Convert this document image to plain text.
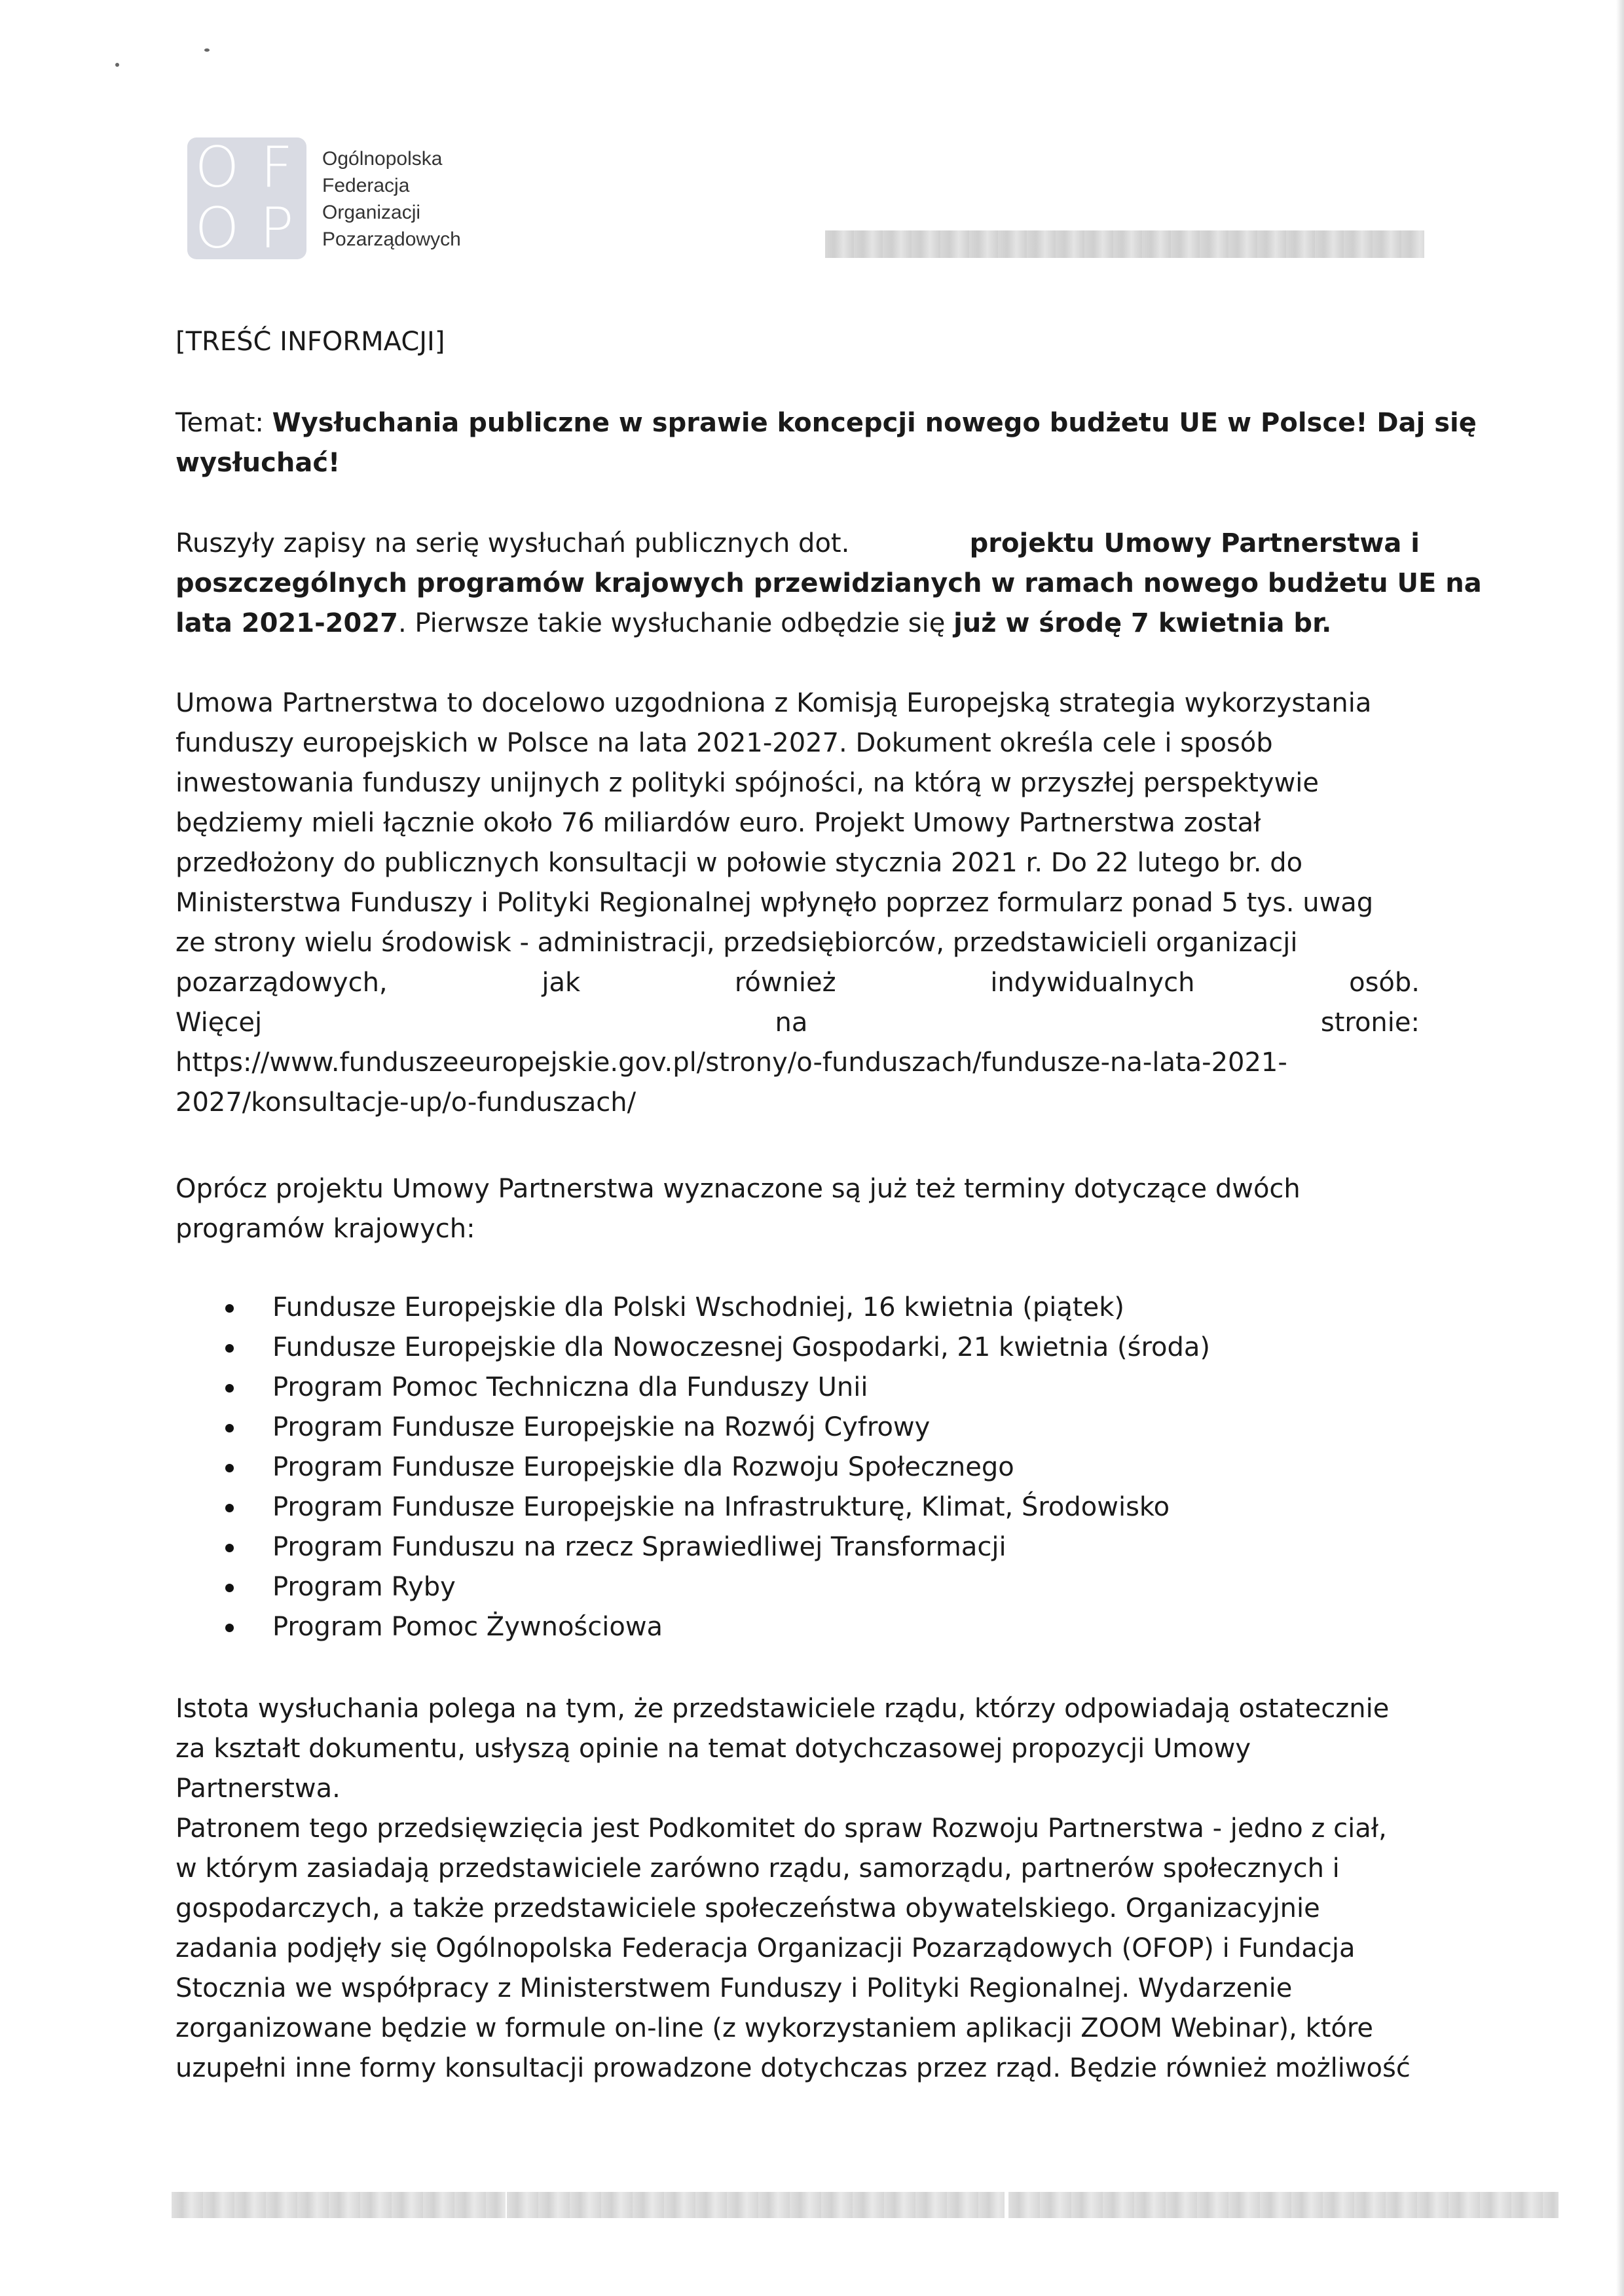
O F
O P
Ogólnopolska
Federacja
Organizacji
Pozarządowych
[TREŚĆ INFORMACJI]
Temat: Wysłuchania publiczne w sprawie koncepcji nowego budżetu UE w Polsce! Daj się
wysłuchać!
Ruszyły zapisy na serię wysłuchań publicznych dot.	projektu Umowy Partnerstwa i
poszczególnych programów krajowych przewidzianych w ramach nowego budżetu UE na
lata 2021-2027. Pierwsze takie wysłuchanie odbędzie się już w środę 7 kwietnia br.
Umowa Partnerstwa to docelowo uzgodniona z Komisją Europejską strategia wykorzystania
funduszy europejskich w Polsce na lata 2021-2027. Dokument określa cele i sposób
inwestowania funduszy unijnych z polityki spójności, na którą w przyszłej perspektywie
będziemy mieli łącznie około 76 miliardów euro. Projekt Umowy Partnerstwa został
przedłożony do publicznych konsultacji w połowie stycznia 2021 r. Do 22 lutego br. do
Ministerstwa Funduszy i Polityki Regionalnej wpłynęło poprzez formularz ponad 5 tys. uwag
ze strony wielu środowisk - administracji, przedsiębiorców, przedstawicieli organizacji
pozarządowych,	jak	również	indywidualnych	osób.
Więcej	na	stronie:
https://www.funduszeeuropejskie.gov.pl/strony/o-funduszach/fundusze-na-lata-2021-
2027/konsultacje-up/o-funduszach/
Oprócz projektu Umowy Partnerstwa wyznaczone są już też terminy dotyczące dwóch
programów krajowych:
Fundusze Europejskie dla Polski Wschodniej, 16 kwietnia (piątek)
Fundusze Europejskie dla Nowoczesnej Gospodarki, 21 kwietnia (środa)
Program Pomoc Techniczna dla Funduszy Unii
Program Fundusze Europejskie na Rozwój Cyfrowy
Program Fundusze Europejskie dla Rozwoju Społecznego
Program Fundusze Europejskie na Infrastrukturę, Klimat, Środowisko
Program Funduszu na rzecz Sprawiedliwej Transformacji
Program Ryby
Program Pomoc Żywnościowa
Istota wysłuchania polega na tym, że przedstawiciele rządu, którzy odpowiadają ostatecznie
za kształt dokumentu, usłyszą opinie na temat dotychczasowej propozycji Umowy
Partnerstwa.
Patronem tego przedsięwzięcia jest Podkomitet do spraw Rozwoju Partnerstwa - jedno z ciał,
w którym zasiadają przedstawiciele zarówno rządu, samorządu, partnerów społecznych i
gospodarczych, a także przedstawiciele społeczeństwa obywatelskiego. Organizacyjnie
zadania podjęły się Ogólnopolska Federacja Organizacji Pozarządowych (OFOP) i Fundacja
Stocznia we współpracy z Ministerstwem Funduszy i Polityki Regionalnej. Wydarzenie
zorganizowane będzie w formule on-line (z wykorzystaniem aplikacji ZOOM Webinar), które
uzupełni inne formy konsultacji prowadzone dotychczas przez rząd. Będzie również możliwość
